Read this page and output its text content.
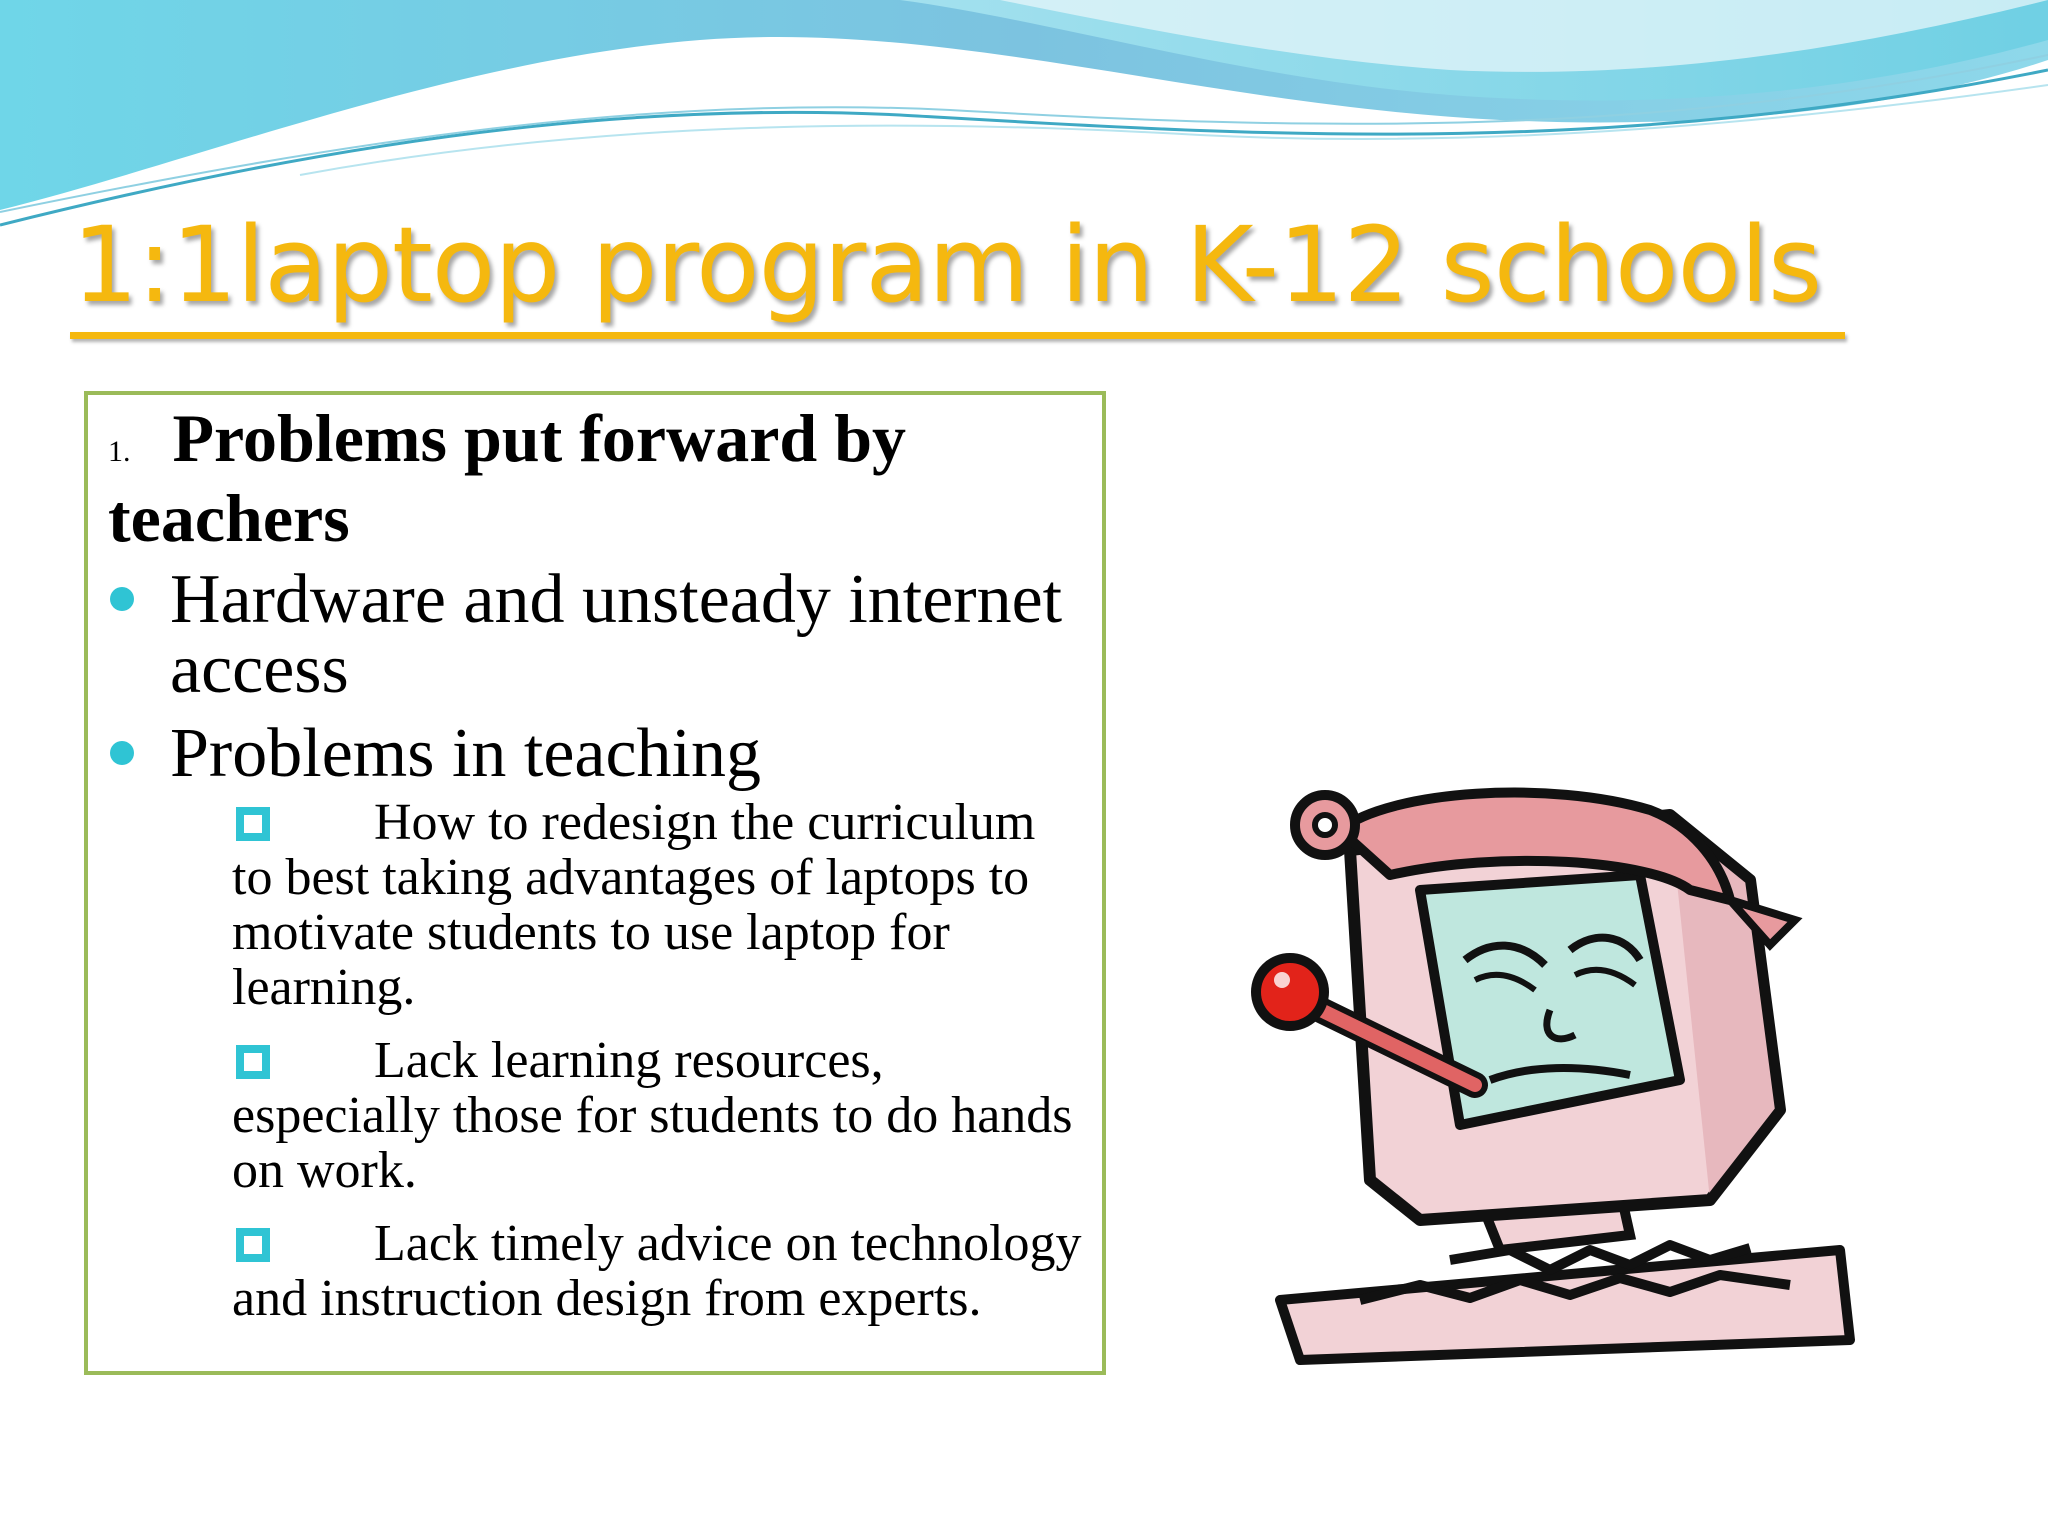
1:1laptop program in K-12 schools

1. Problems put forward by teachers

Hardware and unsteady internet access
Problems in teaching
How to redesign the curriculum to best taking advantages of laptops to motivate students to use laptop for learning.
Lack learning resources, especially those for students to do hands on work.
Lack timely advice on technology and instruction design from experts.
